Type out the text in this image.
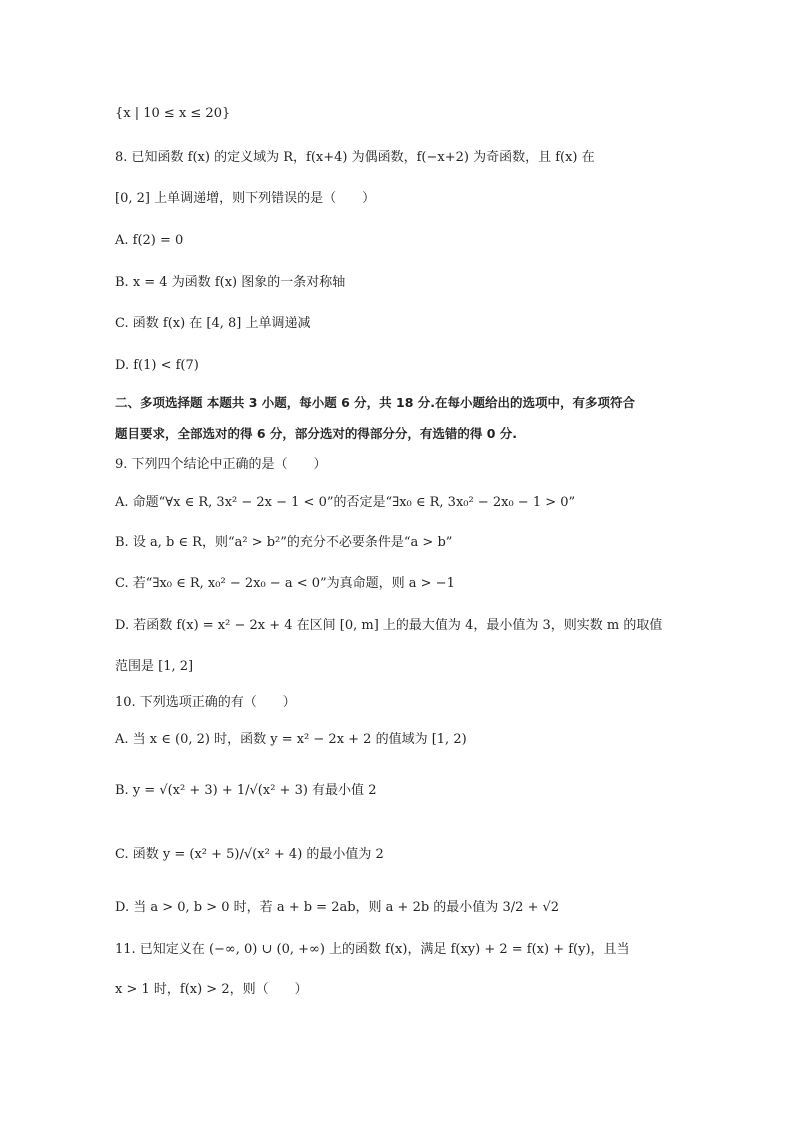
{x | 10 ≤ x ≤ 20}
8. 已知函数 f(x) 的定义域为 R，f(x+4) 为偶函数，f(−x+2) 为奇函数，且 f(x) 在
[0, 2] 上单调递增，则下列错误的是（　　）
A. f(2) = 0
B. x = 4 为函数 f(x) 图象的一条对称轴
C. 函数 f(x) 在 [4, 8] 上单调递减
D. f(1) < f(7)
二、多项选择题 本题共 3 小题，每小题 6 分，共 18 分.在每小题给出的选项中，有多项符合
题目要求，全部选对的得 6 分，部分选对的得部分分，有选错的得 0 分.
9. 下列四个结论中正确的是（　　）
A. 命题“∀x ∈ R, 3x² − 2x − 1 < 0”的否定是“∃x₀ ∈ R, 3x₀² − 2x₀ − 1 > 0”
B. 设 a, b ∈ R，则“a² > b²”的充分不必要条件是“a > b”
C. 若“∃x₀ ∈ R, x₀² − 2x₀ − a < 0”为真命题，则 a > −1
D. 若函数 f(x) = x² − 2x + 4 在区间 [0, m] 上的最大值为 4，最小值为 3，则实数 m 的取值
范围是 [1, 2]
10. 下列选项正确的有（　　）
A. 当 x ∈ (0, 2) 时，函数 y = x² − 2x + 2 的值域为 [1, 2)
B. y = √(x² + 3) + 1/√(x² + 3) 有最小值 2
C. 函数 y = (x² + 5)/√(x² + 4) 的最小值为 2
D. 当 a > 0, b > 0 时，若 a + b = 2ab，则 a + 2b 的最小值为 3/2 + √2
11. 已知定义在 (−∞, 0) ∪ (0, +∞) 上的函数 f(x)，满足 f(xy) + 2 = f(x) + f(y)，且当
x > 1 时，f(x) > 2，则（　　）
